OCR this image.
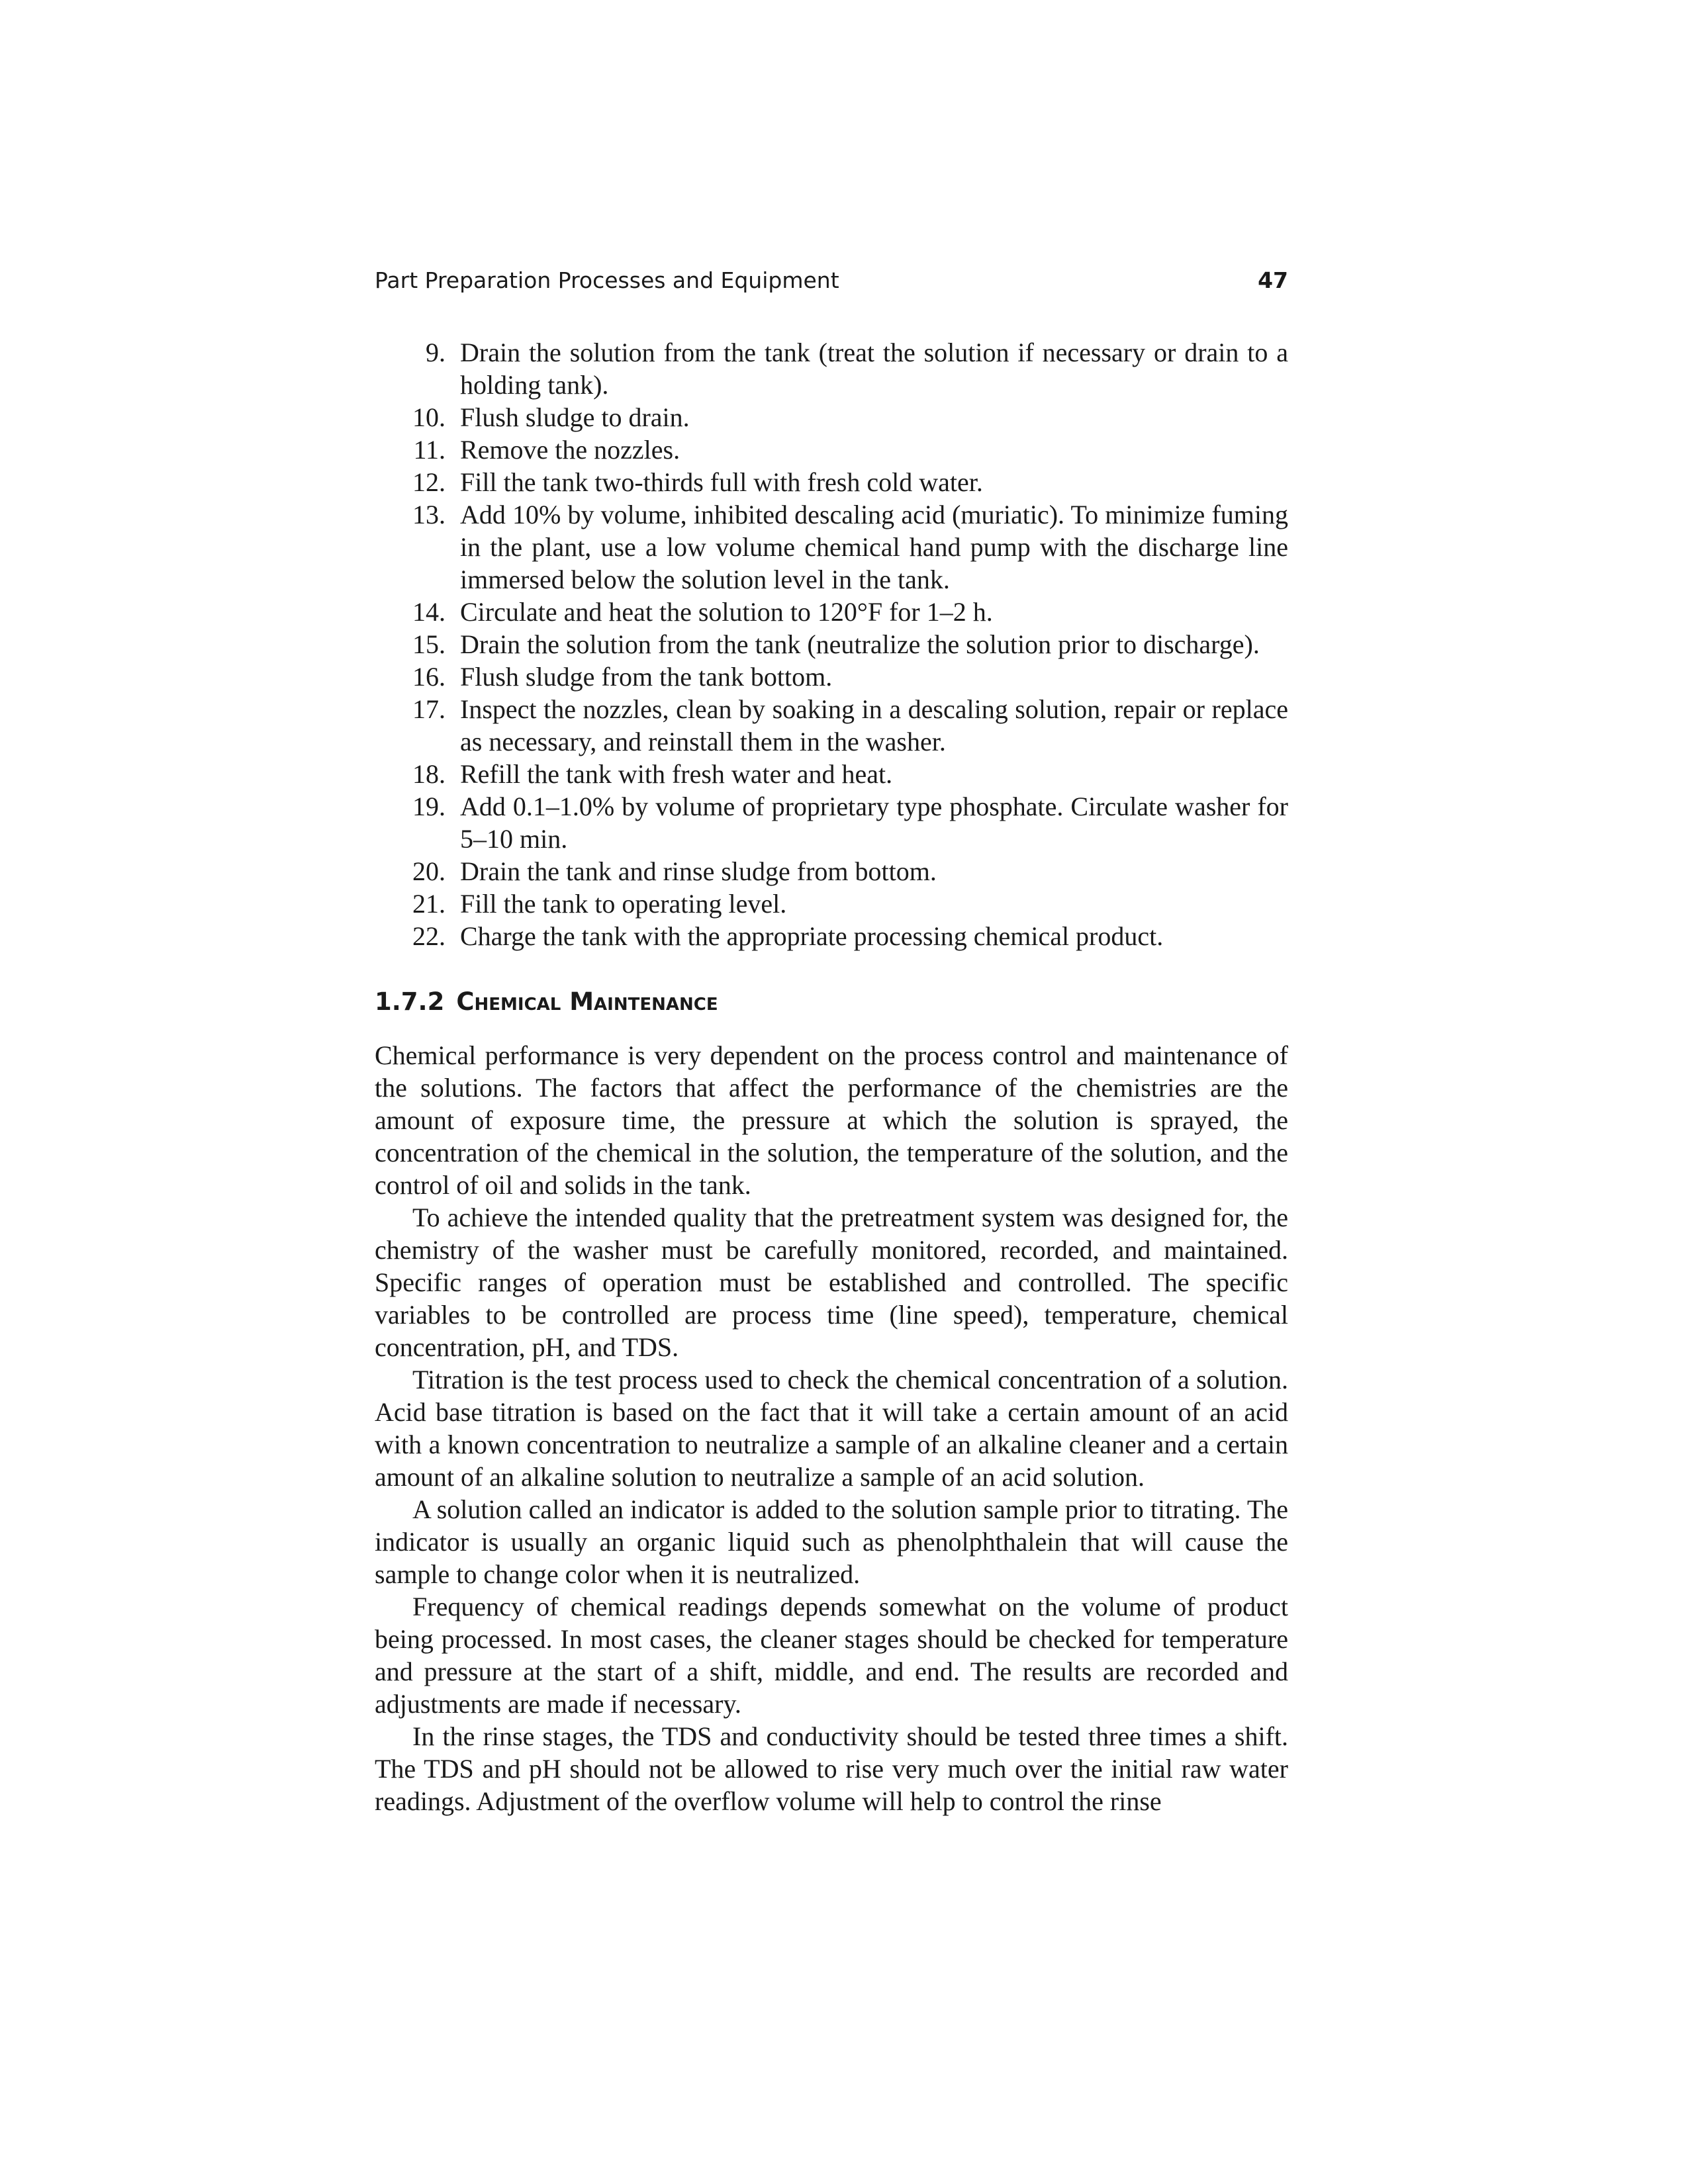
Part Preparation Processes and Equipment	47
9. Drain the solution from the tank (treat the solution if necessary or drain to a holding tank).
10. Flush sludge to drain.
11. Remove the nozzles.
12. Fill the tank two-thirds full with fresh cold water.
13. Add 10% by volume, inhibited descaling acid (muriatic). To minimize fuming in the plant, use a low volume chemical hand pump with the discharge line immersed below the solution level in the tank.
14. Circulate and heat the solution to 120°F for 1–2 h.
15. Drain the solution from the tank (neutralize the solution prior to discharge).
16. Flush sludge from the tank bottom.
17. Inspect the nozzles, clean by soaking in a descaling solution, repair or replace as necessary, and reinstall them in the washer.
18. Refill the tank with fresh water and heat.
19. Add 0.1–1.0% by volume of proprietary type phosphate. Circulate washer for 5–10 min.
20. Drain the tank and rinse sludge from bottom.
21. Fill the tank to operating level.
22. Charge the tank with the appropriate processing chemical product.
1.7.2 Chemical Maintenance

Chemical performance is very dependent on the process control and maintenance of the solutions. The factors that affect the performance of the chemistries are the amount of exposure time, the pressure at which the solution is sprayed, the concentration of the chemical in the solution, the temperature of the solution, and the control of oil and solids in the tank.

To achieve the intended quality that the pretreatment system was designed for, the chemistry of the washer must be carefully monitored, recorded, and maintained. Specific ranges of operation must be established and controlled. The specific variables to be controlled are process time (line speed), temperature, chemical concentration, pH, and TDS.

Titration is the test process used to check the chemical concentration of a solution. Acid base titration is based on the fact that it will take a certain amount of an acid with a known concentration to neutralize a sample of an alkaline cleaner and a certain amount of an alkaline solution to neutralize a sample of an acid solution.

A solution called an indicator is added to the solution sample prior to titrating. The indicator is usually an organic liquid such as phenolphthalein that will cause the sample to change color when it is neutralized.

Frequency of chemical readings depends somewhat on the volume of product being processed. In most cases, the cleaner stages should be checked for temperature and pressure at the start of a shift, middle, and end. The results are recorded and adjustments are made if necessary.

In the rinse stages, the TDS and conductivity should be tested three times a shift. The TDS and pH should not be allowed to rise very much over the initial raw water readings. Adjustment of the overflow volume will help to control the rinse
